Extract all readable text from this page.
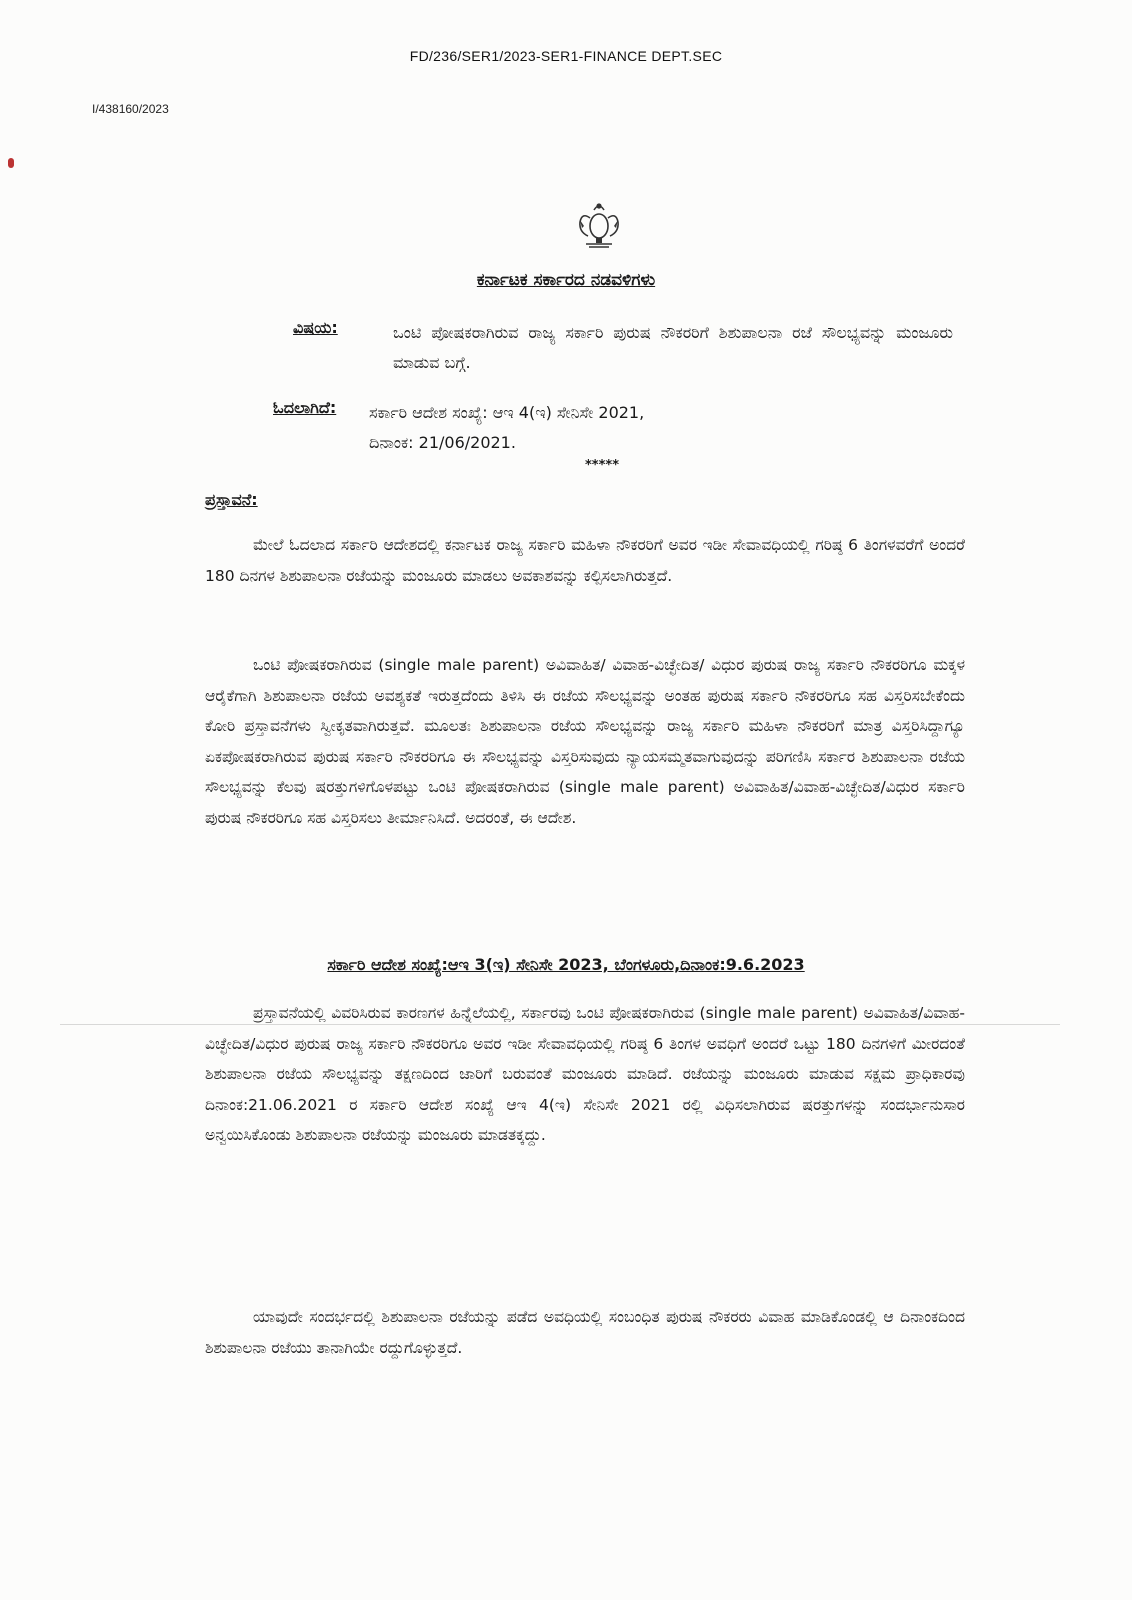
FD/236/SER1/2023-SER1-FINANCE DEPT.SEC
I/438160/2023
ಕರ್ನಾಟಕ ಸರ್ಕಾರದ ನಡವಳಿಗಳು
ವಿಷಯ:	ಒಂಟಿ ಪೋಷಕರಾಗಿರುವ ರಾಜ್ಯ ಸರ್ಕಾರಿ ಪುರುಷ ನೌಕರರಿಗೆ ಶಿಶುಪಾಲನಾ ರಜೆ ಸೌಲಭ್ಯವನ್ನು ಮಂಜೂರು ಮಾಡುವ ಬಗ್ಗೆ.
ಓದಲಾಗಿದೆ: ಸರ್ಕಾರಿ ಆದೇಶ ಸಂಖ್ಯೆ: ಆಇ 4(ಇ) ಸೇನಿಸೇ 2021,
ದಿನಾಂಕ: 21/06/2021.
*****
ಪ್ರಸ್ತಾವನೆ:
ಮೇಲೆ ಓದಲಾದ ಸರ್ಕಾರಿ ಆದೇಶದಲ್ಲಿ ಕರ್ನಾಟಕ ರಾಜ್ಯ ಸರ್ಕಾರಿ ಮಹಿಳಾ ನೌಕರರಿಗೆ ಅವರ ಇಡೀ ಸೇವಾವಧಿಯಲ್ಲಿ ಗರಿಷ್ಠ 6 ತಿಂಗಳವರೆಗೆ ಅಂದರೆ 180 ದಿನಗಳ ಶಿಶುಪಾಲನಾ ರಜೆಯನ್ನು ಮಂಜೂರು ಮಾಡಲು ಅವಕಾಶವನ್ನು ಕಲ್ಪಿಸಲಾಗಿರುತ್ತದೆ.
ಒಂಟಿ ಪೋಷಕರಾಗಿರುವ (single male parent) ಅವಿವಾಹಿತ/ ವಿವಾಹ-ವಿಚ್ಛೇದಿತ/ ವಿಧುರ ಪುರುಷ ರಾಜ್ಯ ಸರ್ಕಾರಿ ನೌಕರರಿಗೂ ಮಕ್ಕಳ ಆರೈಕೆಗಾಗಿ ಶಿಶುಪಾಲನಾ ರಜೆಯ ಅವಶ್ಯಕತೆ ಇರುತ್ತದೆಂದು ತಿಳಿಸಿ ಈ ರಜೆಯ ಸೌಲಭ್ಯವನ್ನು ಅಂತಹ ಪುರುಷ ಸರ್ಕಾರಿ ನೌಕರರಿಗೂ ಸಹ ವಿಸ್ತರಿಸಬೇಕೆಂದು ಕೋರಿ ಪ್ರಸ್ತಾವನೆಗಳು ಸ್ವೀಕೃತವಾಗಿರುತ್ತವೆ. ಮೂಲತಃ ಶಿಶುಪಾಲನಾ ರಜೆಯ ಸೌಲಭ್ಯವನ್ನು ರಾಜ್ಯ ಸರ್ಕಾರಿ ಮಹಿಳಾ ನೌಕರರಿಗೆ ಮಾತ್ರ ವಿಸ್ತರಿಸಿದ್ದಾಗ್ಯೂ ಏಕಪೋಷಕರಾಗಿರುವ ಪುರುಷ ಸರ್ಕಾರಿ ನೌಕರರಿಗೂ ಈ ಸೌಲಭ್ಯವನ್ನು ವಿಸ್ತರಿಸುವುದು ನ್ಯಾಯಸಮ್ಮತವಾಗುವುದನ್ನು ಪರಿಗಣಿಸಿ ಸರ್ಕಾರ ಶಿಶುಪಾಲನಾ ರಜೆಯ ಸೌಲಭ್ಯವನ್ನು ಕೆಲವು ಷರತ್ತುಗಳಿಗೊಳಪಟ್ಟು ಒಂಟಿ ಪೋಷಕರಾಗಿರುವ (single male parent) ಅವಿವಾಹಿತ/ವಿವಾಹ-ವಿಚ್ಛೇದಿತ/ವಿಧುರ ಸರ್ಕಾರಿ ಪುರುಷ ನೌಕರರಿಗೂ ಸಹ ವಿಸ್ತರಿಸಲು ತೀರ್ಮಾನಿಸಿದೆ. ಅದರಂತೆ, ಈ ಆದೇಶ.
ಸರ್ಕಾರಿ ಆದೇಶ ಸಂಖ್ಯೆ:ಆಇ 3(ಇ) ಸೇನಿಸೇ 2023, ಬೆಂಗಳೂರು,ದಿನಾಂಕ:9.6.2023
ಪ್ರಸ್ತಾವನೆಯಲ್ಲಿ ವಿವರಿಸಿರುವ ಕಾರಣಗಳ ಹಿನ್ನೆಲೆಯಲ್ಲಿ, ಸರ್ಕಾರವು ಒಂಟಿ ಪೋಷಕರಾಗಿರುವ (single male parent) ಅವಿವಾಹಿತ/ವಿವಾಹ-ವಿಚ್ಛೇದಿತ/ವಿಧುರ ಪುರುಷ ರಾಜ್ಯ ಸರ್ಕಾರಿ ನೌಕರರಿಗೂ ಅವರ ಇಡೀ ಸೇವಾವಧಿಯಲ್ಲಿ ಗರಿಷ್ಠ 6 ತಿಂಗಳ ಅವಧಿಗೆ ಅಂದರೆ ಒಟ್ಟು 180 ದಿನಗಳಿಗೆ ಮೀರದಂತೆ ಶಿಶುಪಾಲನಾ ರಜೆಯ ಸೌಲಭ್ಯವನ್ನು ತಕ್ಷಣದಿಂದ ಜಾರಿಗೆ ಬರುವಂತೆ ಮಂಜೂರು ಮಾಡಿದೆ. ರಜೆಯನ್ನು ಮಂಜೂರು ಮಾಡುವ ಸಕ್ಷಮ ಪ್ರಾಧಿಕಾರವು ದಿನಾಂಕ:21.06.2021 ರ ಸರ್ಕಾರಿ ಆದೇಶ ಸಂಖ್ಯೆ ಆಇ 4(ಇ) ಸೇನಿಸೇ 2021 ರಲ್ಲಿ ವಿಧಿಸಲಾಗಿರುವ ಷರತ್ತುಗಳನ್ನು ಸಂದರ್ಭಾನುಸಾರ ಅನ್ವಯಿಸಿಕೊಂಡು ಶಿಶುಪಾಲನಾ ರಜೆಯನ್ನು ಮಂಜೂರು ಮಾಡತಕ್ಕದ್ದು.
ಯಾವುದೇ ಸಂದರ್ಭದಲ್ಲಿ ಶಿಶುಪಾಲನಾ ರಜೆಯನ್ನು ಪಡೆದ ಅವಧಿಯಲ್ಲಿ ಸಂಬಂಧಿತ ಪುರುಷ ನೌಕರರು ವಿವಾಹ ಮಾಡಿಕೊಂಡಲ್ಲಿ ಆ ದಿನಾಂಕದಿಂದ ಶಿಶುಪಾಲನಾ ರಜೆಯು ತಾನಾಗಿಯೇ ರದ್ದುಗೊಳ್ಳುತ್ತದೆ.
